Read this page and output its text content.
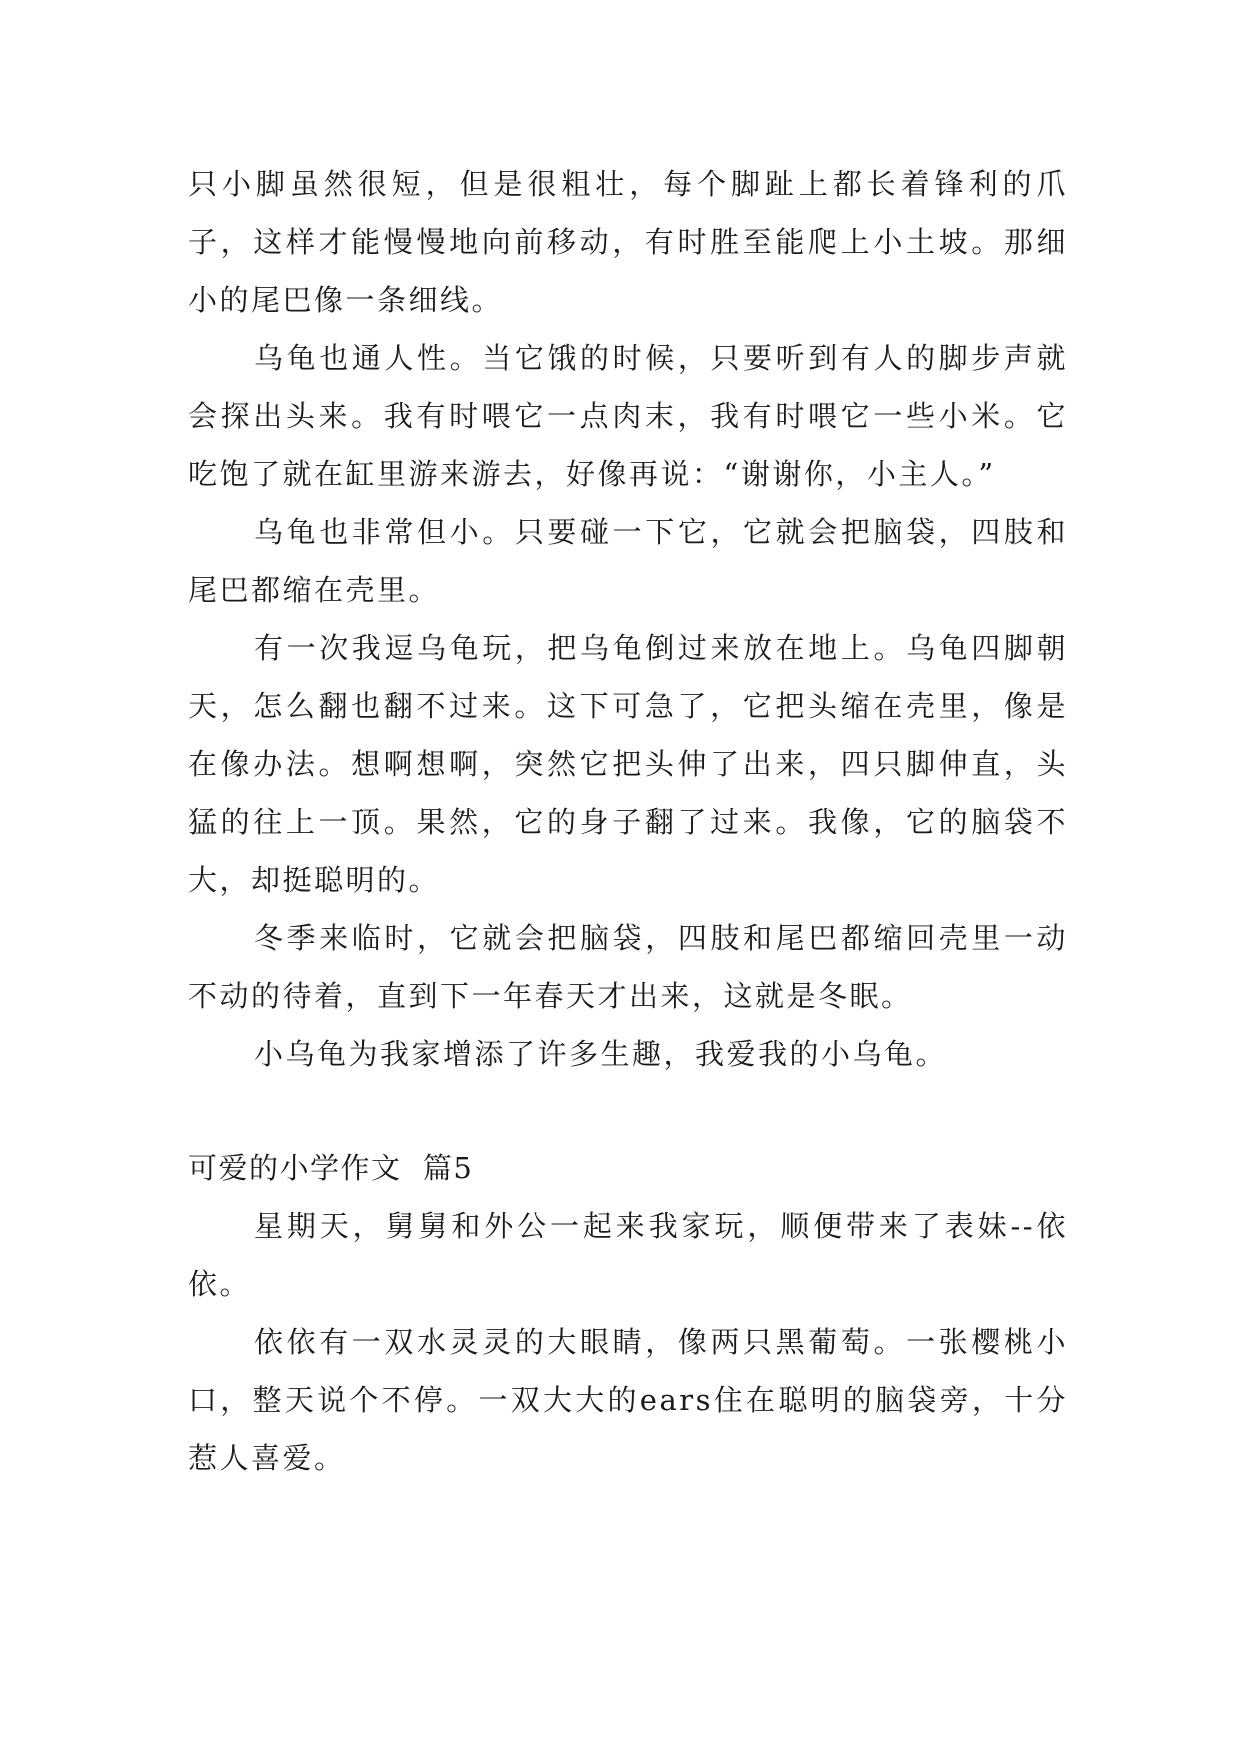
只小脚虽然很短，但是很粗壮，每个脚趾上都长着锋利的爪子，这样才能慢慢地向前移动，有时胜至能爬上小土坡。那细小的尾巴像一条细线。

乌龟也通人性。当它饿的时候，只要听到有人的脚步声就会探出头来。我有时喂它一点肉末，我有时喂它一些小米。它吃饱了就在缸里游来游去，好像再说：“谢谢你，小主人。”

乌龟也非常但小。只要碰一下它，它就会把脑袋，四肢和尾巴都缩在壳里。

有一次我逗乌龟玩，把乌龟倒过来放在地上。乌龟四脚朝天，怎么翻也翻不过来。这下可急了，它把头缩在壳里，像是在像办法。想啊想啊，突然它把头伸了出来，四只脚伸直，头猛的往上一顶。果然，它的身子翻了过来。我像，它的脑袋不大，却挺聪明的。

冬季来临时，它就会把脑袋，四肢和尾巴都缩回壳里一动不动的待着，直到下一年春天才出来，这就是冬眠。

小乌龟为我家增添了许多生趣，我爱我的小乌龟。

可爱的小学作文  篇5

星期天，舅舅和外公一起来我家玩，顺便带来了表妹--依依。

依依有一双水灵灵的大眼睛，像两只黑葡萄。一张樱桃小口，整天说个不停。一双大大的ears住在聪明的脑袋旁，十分惹人喜爱。
